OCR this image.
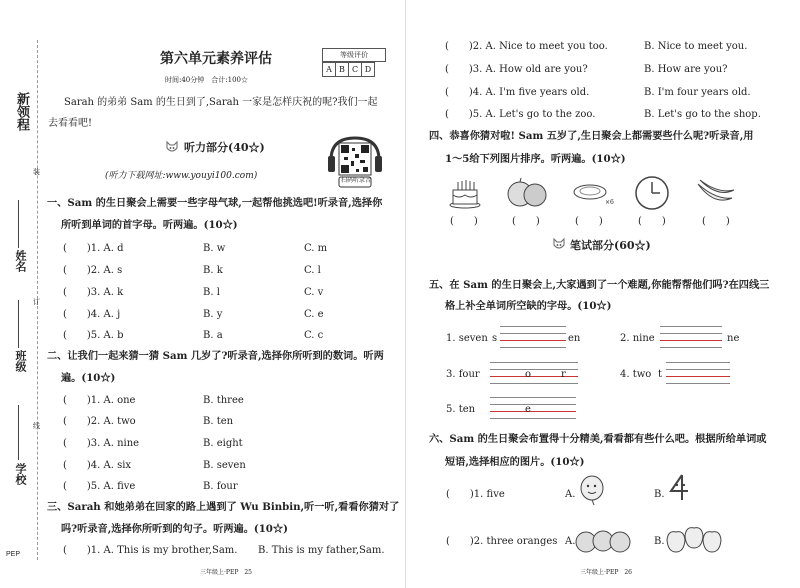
新领程
姓名
班级
学校
装
订
线
PEP
第六单元素养评估
时间:40分钟　合计:100☆
等级评价
A	B	C	D
Sarah 的弟弟 Sam 的生日到了,Sarah 一家是怎样庆祝的呢?我们一起
去看看吧!
听力部分(40☆)
(听力下载网址:www.youyi100.com)	扫码听录音
一、Sam 的生日聚会上需要一些字母气球,一起帮他挑选吧!听录音,选择你
所听到单词的首字母。听两遍。(10☆)
(　　)1. A. d	B. w	C. m
(　　)2. A. s	B. k	C. l
(　　)3. A. k	B. l	C. v
(　　)4. A. j	B. y	C. e
(　　)5. A. b	B. a	C. c
二、让我们一起来猜一猜 Sam 几岁了?听录音,选择你所听到的数词。听两
遍。(10☆)
(　　)1. A. one	B. three
(　　)2. A. two	B. ten
(　　)3. A. nine	B. eight
(　　)4. A. six	B. seven
(　　)5. A. five	B. four
三、Sarah 和她弟弟在回家的路上遇到了 Wu Binbin,听一听,看看你猜对了
吗?听录音,选择你所听到的句子。听两遍。(10☆)
(　　)1. A. This is my brother,Sam. B. This is my father,Sam.
三年级上·PEP　25
(　　)2. A. Nice to meet you too.	B. Nice to meet you.
(　　)3. A. How old are you?	B. How are you?
(　　)4. A. I'm five years old.	B. I'm four years old.
(　　)5. A. Let's go to the zoo.	B. Let's go to the shop.
四、恭喜你猜对啦! Sam 五岁了,生日聚会上都需要些什么呢?听录音,用
1～5给下列图片排序。听两遍。(10☆)
×6
(　　)	(　　)	(　　)	(　　)	(　　)
笔试部分(60☆)
五、在 Sam 的生日聚会上,大家遇到了一个难题,你能帮帮他们吗?在四线三
格上补全单词所空缺的字母。(10☆)
1. seven s	en	2. nine	ne
3. four	o　　　r	4. two t
5. ten	e
六、Sam 的生日聚会布置得十分精美,看看都有些什么吧。根据所给单词或
短语,选择相应的图片。(10☆)
(　　)1. five	A.	B.
(　　)2. three oranges A.	B.
三年级上·PEP　26
